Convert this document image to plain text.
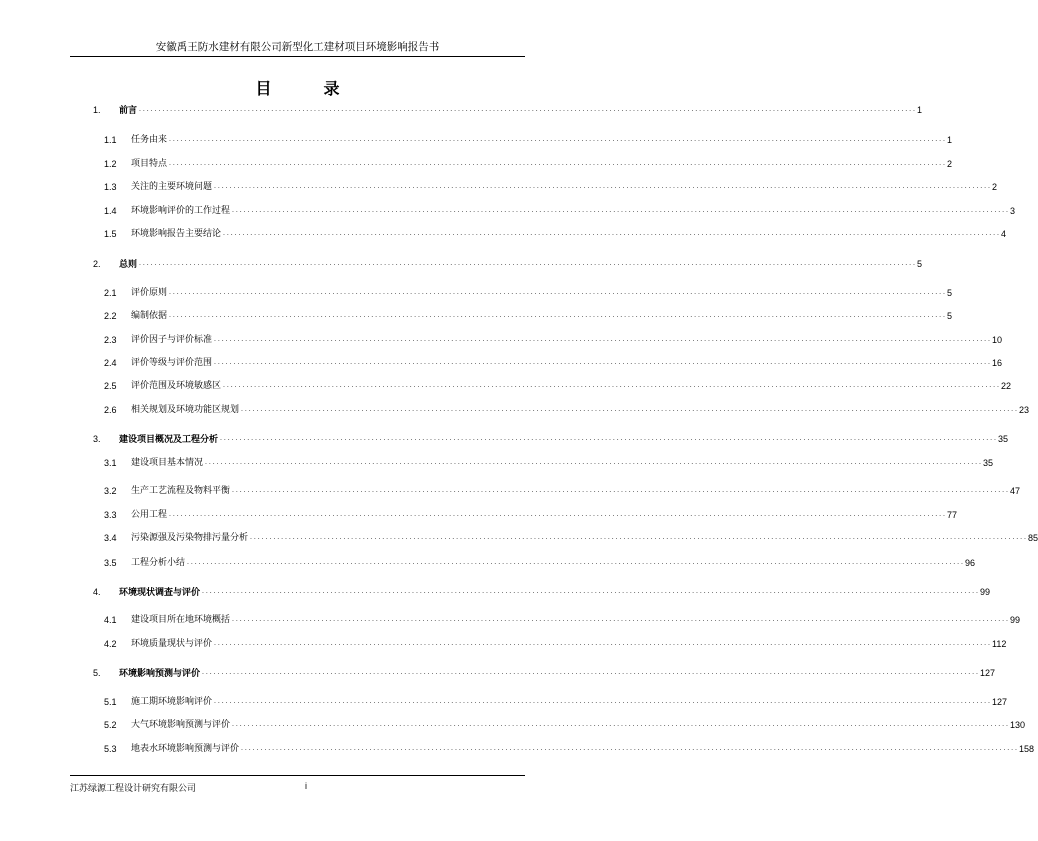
安徽禹王防水建材有限公司新型化工建材项目环境影响报告书
目　录
1. 前言 . . . . . . . . . . . . . . . . . . . . . . . . . . . . . . . . . . . . . . . . . . . . . . . . . . . . . . . . . . . . . . . . . . . . . . . . . . . . . . . . . . . . . . . . . . . . . . . . . . . . . . . . . . . . . . . . . . . . . . . . . . . . . . . . . . . . . . . . . . . . . . . . . . . . . . . . . . . . . . . . . . . . . . . . . . . . . . . . . . . . . . . . . . . . . . . . . . . . . . . . 1
1.1 任务由来 . . . . . . . . . . . . . . . . . . . . . . . . . . . . . . . . . . . . . . . . . . . . . . . . . . . . . . . . . . . . . . . . . . . . . . . . . . . . . . . . . . . . . . . . . . . . . . . . . . . . . . . . . . . . . . . . . . . . . . . . . . . . . . . . . . . . . . . . . . . . . . . . . . . . . . . . . . . . . . . . . . . . . . . . . . . . . . . . . . . . . . . . . . . . . . . . . . . . . . . . 1
1.2 项目特点 . . . . . . . . . . . . . . . . . . . . . . . . . . . . . . . . . . . . . . . . . . . . . . . . . . . . . . . . . . . . . . . . . . . . . . . . . . . . . . . . . . . . . . . . . . . . . . . . . . . . . . . . . . . . . . . . . . . . . . . . . . . . . . . . . . . . . . . . . . . . . . . . . . . . . . . . . . . . . . . . . . . . . . . . . . . . . . . . . . . . . . . . . . . . . . . . . . . . . . . . 2
1.3 关注的主要环境问题 . . . . . . . . . . . . . . . . . . . . . . . . . . . . . . . . . . . . . . . . . . . . . . . . . . . . . . . . . . . . . . . . . . . . . . . . . . . . . . . . . . . . . . . . . . . . . . . . . . . . . . . . . . . . . . . . . . . . . . . . . . . . . . . . . . . . . . . . . . . . . . . . . . . . . . . . . . . . . . . . . . . . . . . . . . . . . . . . . . . . . . . . . . . . . . . . . . . . . . . . 2
1.4 环境影响评价的工作过程 . . . . . . . . . . . . . . . . . . . . . . . . . . . . . . . . . . . . . . . . . . . . . . . . . . . . . . . . . . . . . . . . . . . . . . . . . . . . . . . . . . . . . . . . . . . . . . . . . . . . . . . . . . . . . . . . . . . . . . . . . . . . . . . . . . . . . . . . . . . . . . . . . . . . . . . . . . . . . . . . . . . . . . . . . . . . . . . . . . . . . . . . . . . . . . . . . . . . . . . . 3
1.5 环境影响报告主要结论 . . . . . . . . . . . . . . . . . . . . . . . . . . . . . . . . . . . . . . . . . . . . . . . . . . . . . . . . . . . . . . . . . . . . . . . . . . . . . . . . . . . . . . . . . . . . . . . . . . . . . . . . . . . . . . . . . . . . . . . . . . . . . . . . . . . . . . . . . . . . . . . . . . . . . . . . . . . . . . . . . . . . . . . . . . . . . . . . . . . . . . . . . . . . . . . . . . . . . . . . 4
2. 总则 . . . . . . . . . . . . . . . . . . . . . . . . . . . . . . . . . . . . . . . . . . . . . . . . . . . . . . . . . . . . . . . . . . . . . . . . . . . . . . . . . . . . . . . . . . . . . . . . . . . . . . . . . . . . . . . . . . . . . . . . . . . . . . . . . . . . . . . . . . . . . . . . . . . . . . . . . . . . . . . . . . . . . . . . . . . . . . . . . . . . . . . . . . . . . . . . . . . . . . . . 5
2.1 评价原则 . . . . . . . . . . . . . . . . . . . . . . . . . . . . . . . . . . . . . . . . . . . . . . . . . . . . . . . . . . . . . . . . . . . . . . . . . . . . . . . . . . . . . . . . . . . . . . . . . . . . . . . . . . . . . . . . . . . . . . . . . . . . . . . . . . . . . . . . . . . . . . . . . . . . . . . . . . . . . . . . . . . . . . . . . . . . . . . . . . . . . . . . . . . . . . . . . . . . . . . . 5
2.2 编制依据 . . . . . . . . . . . . . . . . . . . . . . . . . . . . . . . . . . . . . . . . . . . . . . . . . . . . . . . . . . . . . . . . . . . . . . . . . . . . . . . . . . . . . . . . . . . . . . . . . . . . . . . . . . . . . . . . . . . . . . . . . . . . . . . . . . . . . . . . . . . . . . . . . . . . . . . . . . . . . . . . . . . . . . . . . . . . . . . . . . . . . . . . . . . . . . . . . . . . . . . . 5
2.3 评价因子与评价标准 . . . . . . . . . . . . . . . . . . . . . . . . . . . . . . . . . . . . . . . . . . . . . . . . . . . . . . . . . . . . . . . . . . . . . . . . . . . . . . . . . . . . . . . . . . . . . . . . . . . . . . . . . . . . . . . . . . . . . . . . . . . . . . . . . . . . . . . . . . . . . . . . . . . . . . . . . . . . . . . . . . . . . . . . . . . . . . . . . . . . . . . . . . . . . . . . . . . . . . . . 10
2.4 评价等级与评价范围 . . . . . . . . . . . . . . . . . . . . . . . . . . . . . . . . . . . . . . . . . . . . . . . . . . . . . . . . . . . . . . . . . . . . . . . . . . . . . . . . . . . . . . . . . . . . . . . . . . . . . . . . . . . . . . . . . . . . . . . . . . . . . . . . . . . . . . . . . . . . . . . . . . . . . . . . . . . . . . . . . . . . . . . . . . . . . . . . . . . . . . . . . . . . . . . . . . . . . . . . 16
2.5 评价范围及环境敏感区 . . . . . . . . . . . . . . . . . . . . . . . . . . . . . . . . . . . . . . . . . . . . . . . . . . . . . . . . . . . . . . . . . . . . . . . . . . . . . . . . . . . . . . . . . . . . . . . . . . . . . . . . . . . . . . . . . . . . . . . . . . . . . . . . . . . . . . . . . . . . . . . . . . . . . . . . . . . . . . . . . . . . . . . . . . . . . . . . . . . . . . . . . . . . . . . . . . . . . . . . 22
2.6 相关规划及环境功能区规划 . . . . . . . . . . . . . . . . . . . . . . . . . . . . . . . . . . . . . . . . . . . . . . . . . . . . . . . . . . . . . . . . . . . . . . . . . . . . . . . . . . . . . . . . . . . . . . . . . . . . . . . . . . . . . . . . . . . . . . . . . . . . . . . . . . . . . . . . . . . . . . . . . . . . . . . . . . . . . . . . . . . . . . . . . . . . . . . . . . . . . . . . . . . . . . . . . . . . . . . . 23
3. 建设项目概况及工程分析 . . . . . . . . . . . . . . . . . . . . . . . . . . . . . . . . . . . . . . . . . . . . . . . . . . . . . . . . . . . . . . . . . . . . . . . . . . . . . . . . . . . . . . . . . . . . . . . . . . . . . . . . . . . . . . . . . . . . . . . . . . . . . . . . . . . . . . . . . . . . . . . . . . . . . . . . . . . . . . . . . . . . . . . . . . . . . . . . . . . . . . . . . . . . . . . . . . . . . . . . 35
3.1 建设项目基本情况 . . . . . . . . . . . . . . . . . . . . . . . . . . . . . . . . . . . . . . . . . . . . . . . . . . . . . . . . . . . . . . . . . . . . . . . . . . . . . . . . . . . . . . . . . . . . . . . . . . . . . . . . . . . . . . . . . . . . . . . . . . . . . . . . . . . . . . . . . . . . . . . . . . . . . . . . . . . . . . . . . . . . . . . . . . . . . . . . . . . . . . . . . . . . . . . . . . . . . . . . 35
3.2 生产工艺流程及物料平衡 . . . . . . . . . . . . . . . . . . . . . . . . . . . . . . . . . . . . . . . . . . . . . . . . . . . . . . . . . . . . . . . . . . . . . . . . . . . . . . . . . . . . . . . . . . . . . . . . . . . . . . . . . . . . . . . . . . . . . . . . . . . . . . . . . . . . . . . . . . . . . . . . . . . . . . . . . . . . . . . . . . . . . . . . . . . . . . . . . . . . . . . . . . . . . . . . . . . . . . . . 47
3.3 公用工程 . . . . . . . . . . . . . . . . . . . . . . . . . . . . . . . . . . . . . . . . . . . . . . . . . . . . . . . . . . . . . . . . . . . . . . . . . . . . . . . . . . . . . . . . . . . . . . . . . . . . . . . . . . . . . . . . . . . . . . . . . . . . . . . . . . . . . . . . . . . . . . . . . . . . . . . . . . . . . . . . . . . . . . . . . . . . . . . . . . . . . . . . . . . . . . . . . . . . . . . . 77
3.4 污染源强及污染物排污量分析 . . . . . . . . . . . . . . . . . . . . . . . . . . . . . . . . . . . . . . . . . . . . . . . . . . . . . . . . . . . . . . . . . . . . . . . . . . . . . . . . . . . . . . . . . . . . . . . . . . . . . . . . . . . . . . . . . . . . . . . . . . . . . . . . . . . . . . . . . . . . . . . . . . . . . . . . . . . . . . . . . . . . . . . . . . . . . . . . . . . . . . . . . . . . . . . . . . . . . . . . 85
3.5 工程分析小结 . . . . . . . . . . . . . . . . . . . . . . . . . . . . . . . . . . . . . . . . . . . . . . . . . . . . . . . . . . . . . . . . . . . . . . . . . . . . . . . . . . . . . . . . . . . . . . . . . . . . . . . . . . . . . . . . . . . . . . . . . . . . . . . . . . . . . . . . . . . . . . . . . . . . . . . . . . . . . . . . . . . . . . . . . . . . . . . . . . . . . . . . . . . . . . . . . . . . . . . . 96
4. 环境现状调查与评价 . . . . . . . . . . . . . . . . . . . . . . . . . . . . . . . . . . . . . . . . . . . . . . . . . . . . . . . . . . . . . . . . . . . . . . . . . . . . . . . . . . . . . . . . . . . . . . . . . . . . . . . . . . . . . . . . . . . . . . . . . . . . . . . . . . . . . . . . . . . . . . . . . . . . . . . . . . . . . . . . . . . . . . . . . . . . . . . . . . . . . . . . . . . . . . . . . . . . . . . . 99
4.1 建设项目所在地环境概括 . . . . . . . . . . . . . . . . . . . . . . . . . . . . . . . . . . . . . . . . . . . . . . . . . . . . . . . . . . . . . . . . . . . . . . . . . . . . . . . . . . . . . . . . . . . . . . . . . . . . . . . . . . . . . . . . . . . . . . . . . . . . . . . . . . . . . . . . . . . . . . . . . . . . . . . . . . . . . . . . . . . . . . . . . . . . . . . . . . . . . . . . . . . . . . . . . . . . . . . . 99
4.2 环境质量现状与评价 . . . . . . . . . . . . . . . . . . . . . . . . . . . . . . . . . . . . . . . . . . . . . . . . . . . . . . . . . . . . . . . . . . . . . . . . . . . . . . . . . . . . . . . . . . . . . . . . . . . . . . . . . . . . . . . . . . . . . . . . . . . . . . . . . . . . . . . . . . . . . . . . . . . . . . . . . . . . . . . . . . . . . . . . . . . . . . . . . . . . . . . . . . . . . . . . . . . . . . . . 112
5. 环境影响预测与评价 . . . . . . . . . . . . . . . . . . . . . . . . . . . . . . . . . . . . . . . . . . . . . . . . . . . . . . . . . . . . . . . . . . . . . . . . . . . . . . . . . . . . . . . . . . . . . . . . . . . . . . . . . . . . . . . . . . . . . . . . . . . . . . . . . . . . . . . . . . . . . . . . . . . . . . . . . . . . . . . . . . . . . . . . . . . . . . . . . . . . . . . . . . . . . . . . . . . . . . . . 127
5.1 施工期环境影响评价 . . . . . . . . . . . . . . . . . . . . . . . . . . . . . . . . . . . . . . . . . . . . . . . . . . . . . . . . . . . . . . . . . . . . . . . . . . . . . . . . . . . . . . . . . . . . . . . . . . . . . . . . . . . . . . . . . . . . . . . . . . . . . . . . . . . . . . . . . . . . . . . . . . . . . . . . . . . . . . . . . . . . . . . . . . . . . . . . . . . . . . . . . . . . . . . . . . . . . . . . 127
5.2 大气环境影响预测与评价 . . . . . . . . . . . . . . . . . . . . . . . . . . . . . . . . . . . . . . . . . . . . . . . . . . . . . . . . . . . . . . . . . . . . . . . . . . . . . . . . . . . . . . . . . . . . . . . . . . . . . . . . . . . . . . . . . . . . . . . . . . . . . . . . . . . . . . . . . . . . . . . . . . . . . . . . . . . . . . . . . . . . . . . . . . . . . . . . . . . . . . . . . . . . . . . . . . . . . . . . 130
5.3 地表水环境影响预测与评价 . . . . . . . . . . . . . . . . . . . . . . . . . . . . . . . . . . . . . . . . . . . . . . . . . . . . . . . . . . . . . . . . . . . . . . . . . . . . . . . . . . . . . . . . . . . . . . . . . . . . . . . . . . . . . . . . . . . . . . . . . . . . . . . . . . . . . . . . . . . . . . . . . . . . . . . . . . . . . . . . . . . . . . . . . . . . . . . . . . . . . . . . . . . . . . . . . . . . . . . . 158
江苏绿源工程设计研究有限公司	i
